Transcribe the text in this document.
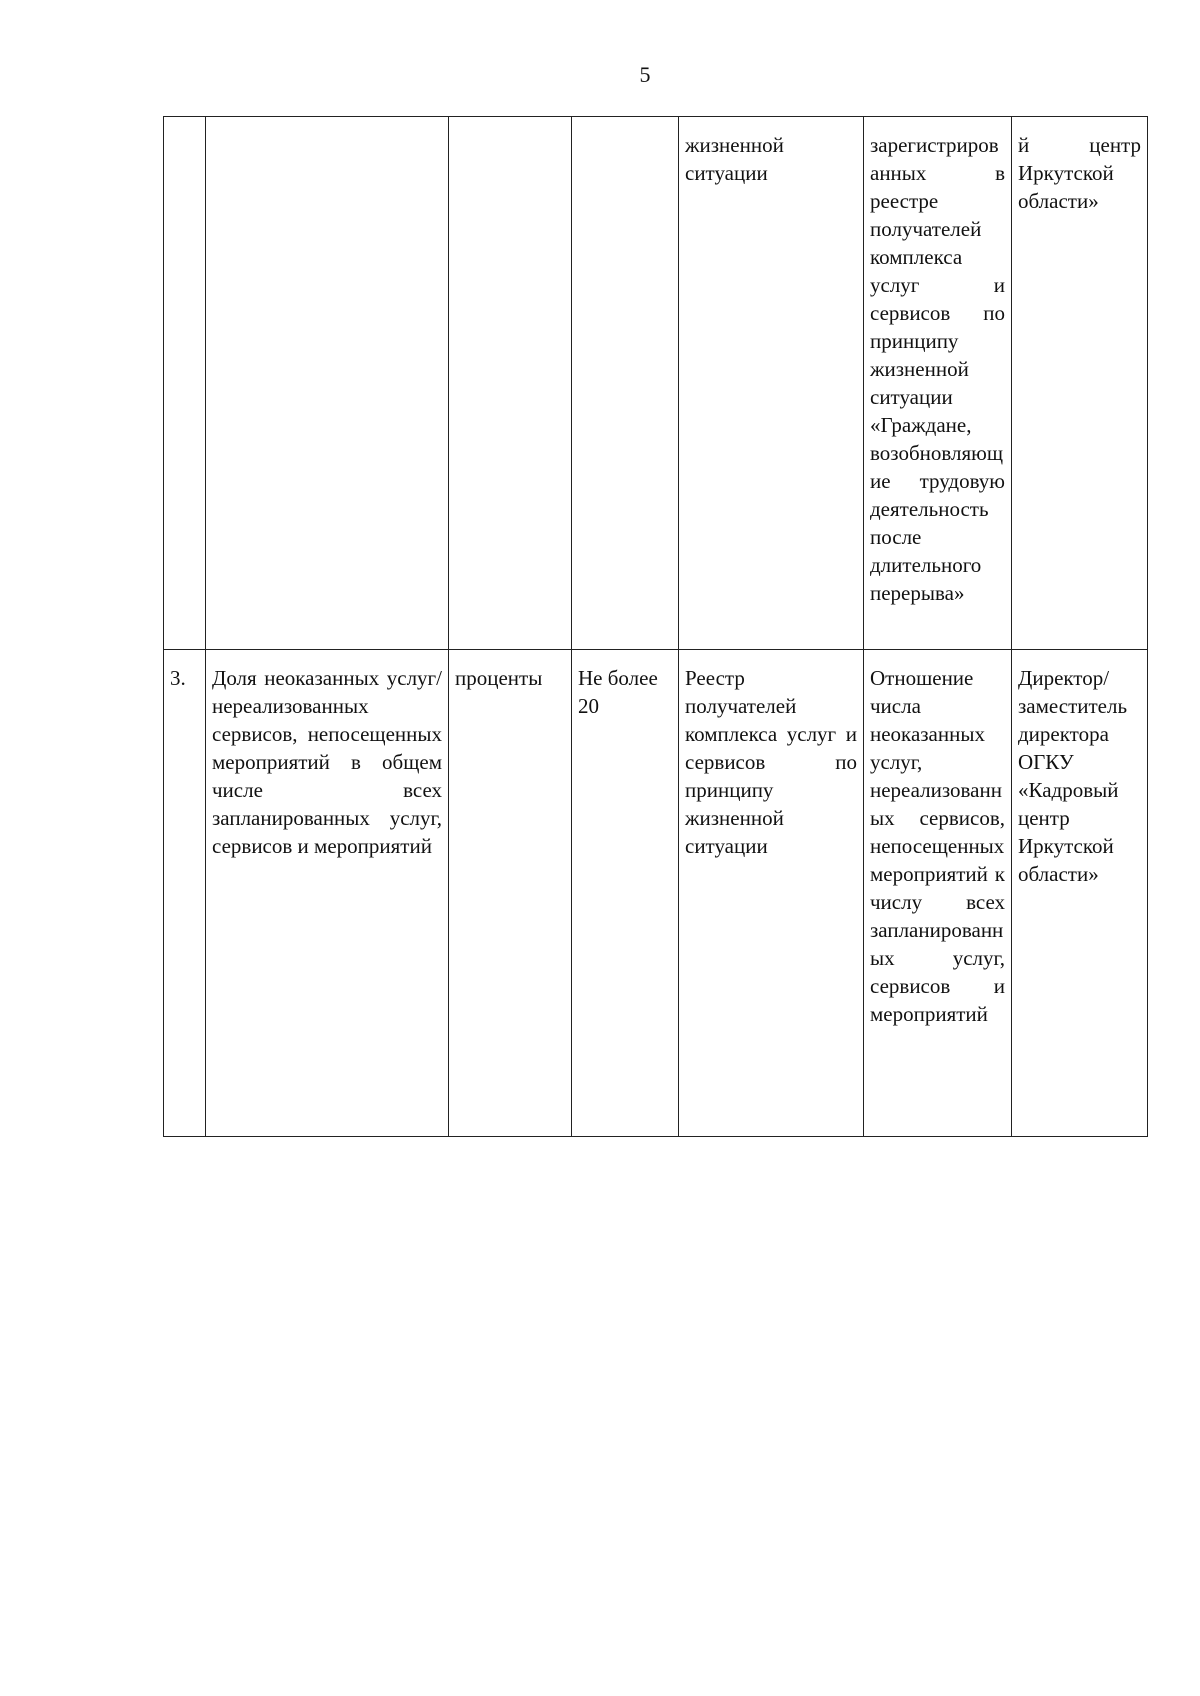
5
				жизненной ситуации	зарегистрированных в реестре получателей комплекса услуг и сервисов по принципу жизненной ситуации «Граждане, возобновляющие трудовую деятельность после длительного перерыва»	й центр Иркутской области»
3.	Доля неоказанных услуг/ нереализованных сервисов, непосещенных мероприятий в общем числе всех запланированных услуг, сервисов и мероприятий	проценты	Не более 20	Реестр получателей комплекса услуг и сервисов по принципу жизненной ситуации	Отношение числа неоказанных услуг, нереализованных сервисов, непосещенных мероприятий к числу всех запланированных услуг, сервисов и мероприятий	Директор/ заместитель директора ОГКУ «Кадровый центр Иркутской области»
